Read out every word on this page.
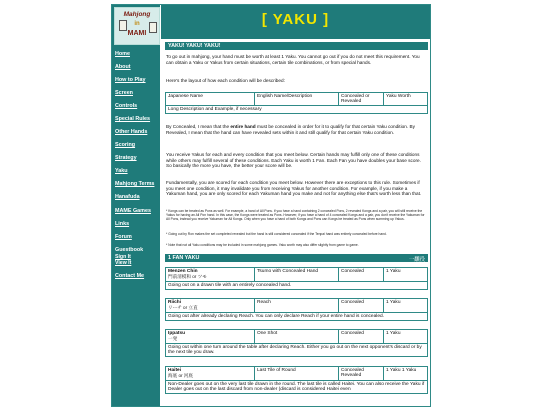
Mahjong
in
MAMI
Home
About
How to Play
Screen
Controls
Special Rules
Other Hands
Scoring
Strategy
Yaku
Mahjong Terms
Hanafuda
MAME Games
Links
Forum
Guestbook
Sign It
View It
Contact Me
[ YAKU ]
YAKU! YAKU! YAKU!
To go out in mahjong, your hand must be worth at least 1 Yaku. You cannot go out if you do not meet this requirement. You can obtain a Yaku or Yakus from certain situations, certain tile combinations, or from special hands.
Here's the layout of how each condition will be described:
Japanese Name	English Name/Description	Concealed or Revealed	Yaku Worth
Long Description and Example, if necessary
By Concealed, I mean that the entire hand must be concealed in order for it to qualify for that certain Yaku condition. By Revealed, I mean that the hand can have revealed sets within it and still qualify for that certain Yaku condition.
You receive Yakus for each and every condition that you meet below. Certain hands may fulfill only one of these conditions while others may fulfill several of these conditions. Each Yaku is worth 1 Fan. Each Fan you have doubles your base score. So basically the more you have, the better your score will be.
Fundamentally, you are scored for each condition you meet below. However there are exceptions to this rule. Sometimes if you meet one condition, it may invalidate you from receiving Yakus for another condition. For example, if you make a Yakuman hand, you are only scored for each Yakuman hand you make and not for anything else that's worth less than that.
* Kongs can be treated as Pons as well. For example, a hand of All Pons. If you have a hand containing 2 concealed Pons, 2 revealed Kongs and a pair, you will still receive the Yakus for having an All Pon hand. In this case, the Kongs were treated as Pons. However, if you have a hand of 4 concealed Kongs and a pair, you don't receive the Yakuman for All Pons, instead you receive Yakuman for All Kongs. Only when you have a hand of both Kongs and Pons can Kongs be treated as Pons when summing up Yakus.
* Going out by Ron makes the set completed revealed but the hand is still considered concealed if the Tenpai hand was entirely concealed before hand.
* Note that not all Yaku conditions may be included in some mahjong games. Yaku worth may also differ slightly from game to game.
1 FAN YAKU	一飜役
Menzen Chin
門前清模和 or ツモ
	Tsumo with Concealed Hand	Concealed	1 Yaku
Going out on a drawn tile with an entirely concealed hand.
Riichi
リーチ or 立直
	Reach	Concealed	1 Yaku
Going out after already declaring Reach. You can only declare Reach if your entire hand is concealed.
Ippatsu
一発
	One Shot	Concealed	1 Yaku
Going out within one turn around the table after declaring Reach. Either you go out on the next opponent's discard or by the next tile you draw.
Haitei
海底 or 河底
	Last Tile of Round	Concealed Revealed	1 Yaku 1 Yaku
Non-Dealer goes out on the very last tile drawn in the round. The last tile is called Haitei. You can also receive the Yaku if Dealer goes out on the last discard from non-dealer (discard is considered Haitei even
